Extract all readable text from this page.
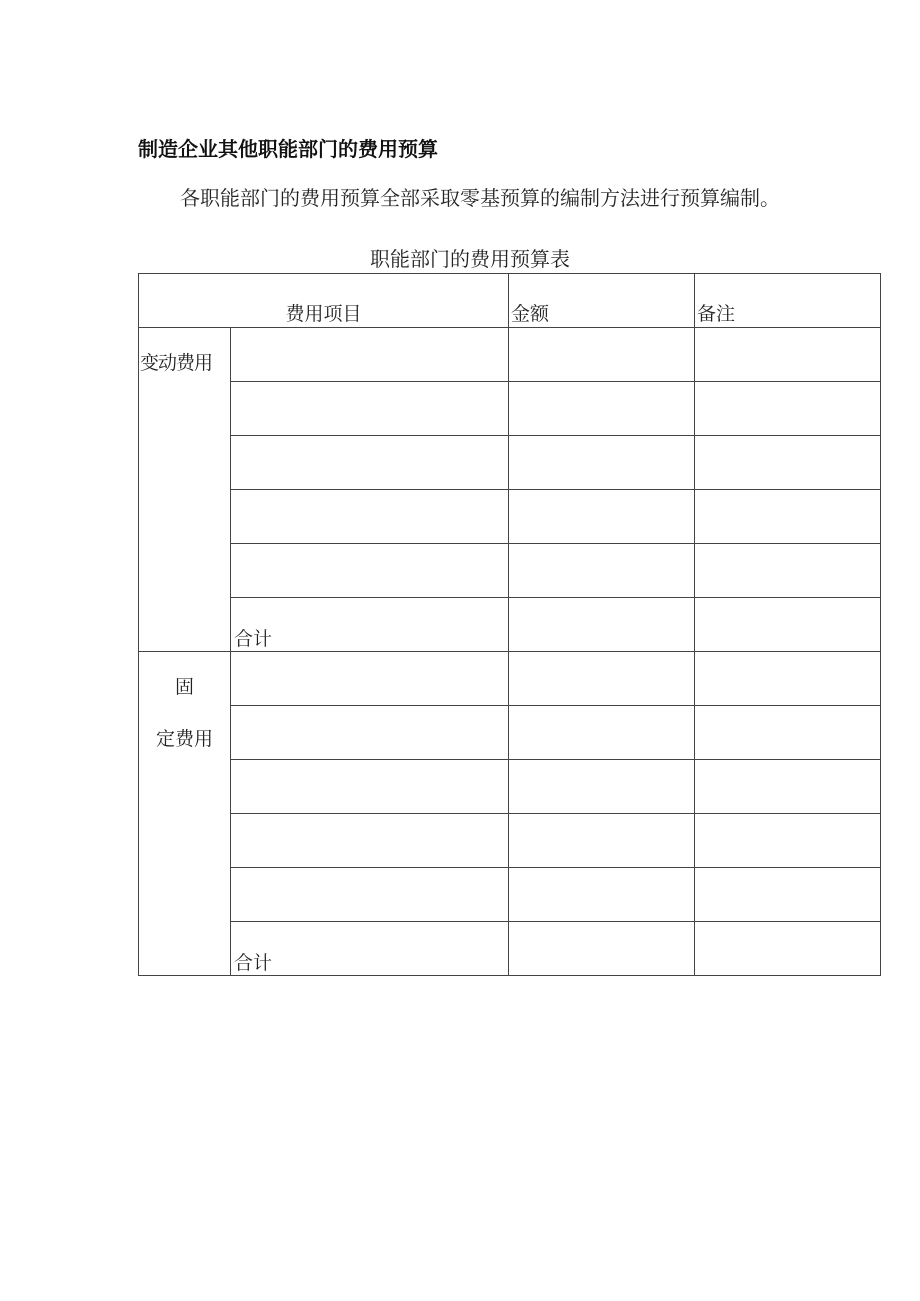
制造企业其他职能部门的费用预算

各职能部门的费用预算全部采取零基预算的编制方法进行预算编制。

职能部门的费用预算表
费用项目		金额	备注
变动费用			

	合计		

固
定费用			

	合计		
